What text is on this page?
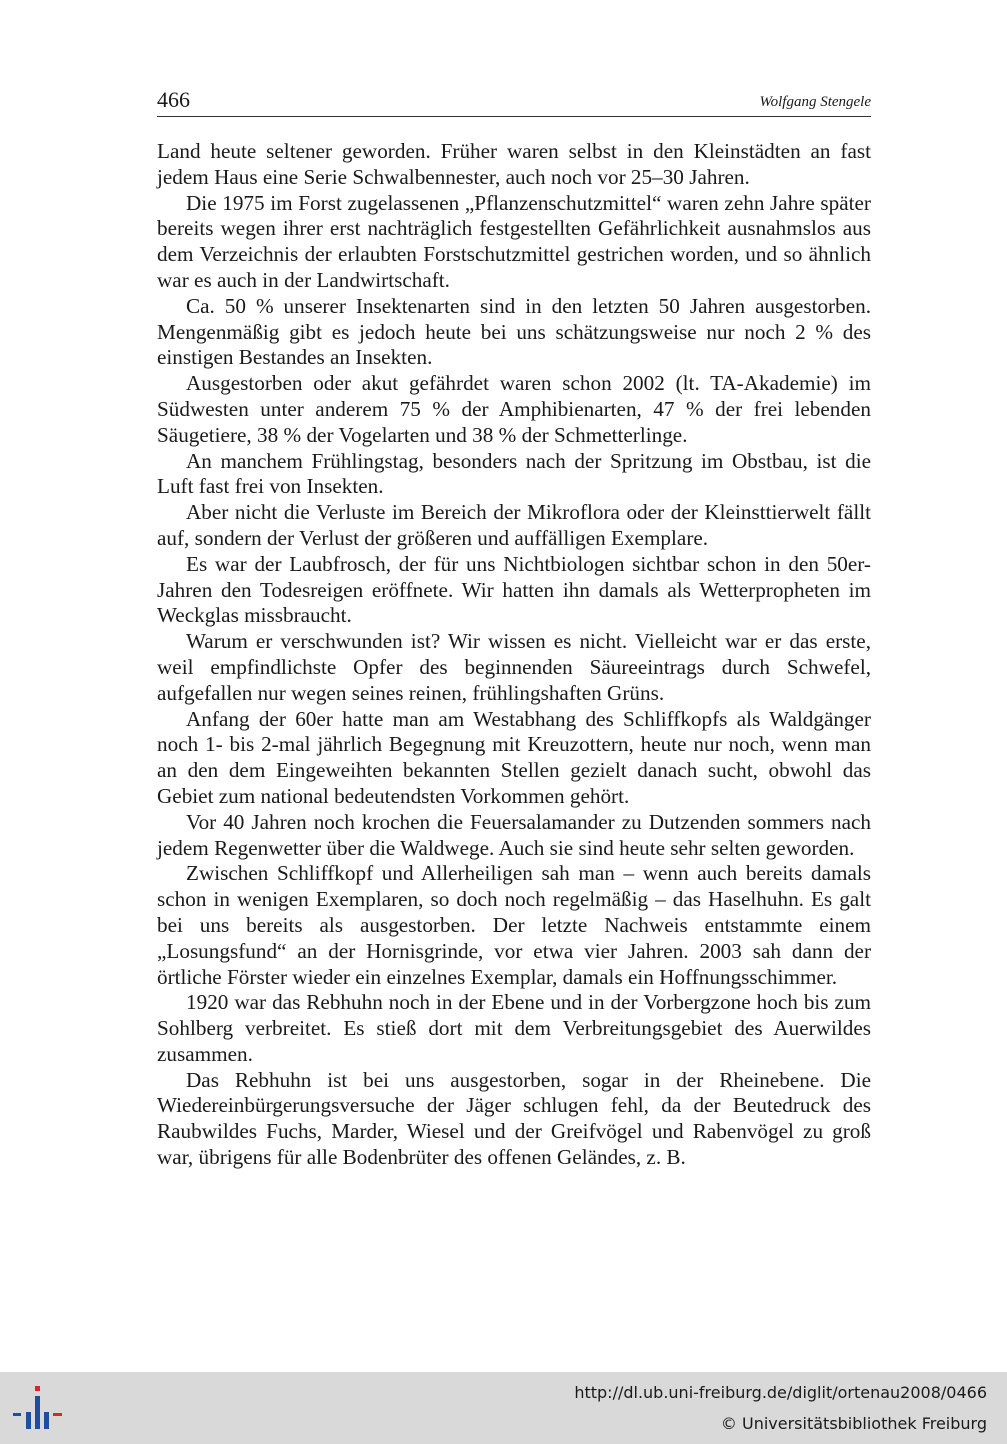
466	Wolfgang Stengele

Land heute seltener geworden. Früher waren selbst in den Kleinstädten an fast jedem Haus eine Serie Schwalbennester, auch noch vor 25–30 Jahren.

Die 1975 im Forst zugelassenen „Pflanzenschutzmittel“ waren zehn Jahre später bereits wegen ihrer erst nachträglich festgestellten Gefährlichkeit ausnahmslos aus dem Verzeichnis der erlaubten Forstschutzmittel gestrichen worden, und so ähnlich war es auch in der Landwirtschaft.

Ca. 50 % unserer Insektenarten sind in den letzten 50 Jahren ausgestorben. Mengenmäßig gibt es jedoch heute bei uns schätzungsweise nur noch 2 % des einstigen Bestandes an Insekten.

Ausgestorben oder akut gefährdet waren schon 2002 (lt. TA-Akademie) im Südwesten unter anderem 75 % der Amphibienarten, 47 % der frei lebenden Säugetiere, 38 % der Vogelarten und 38 % der Schmetterlinge.

An manchem Frühlingstag, besonders nach der Spritzung im Obstbau, ist die Luft fast frei von Insekten.

Aber nicht die Verluste im Bereich der Mikroflora oder der Kleinsttierwelt fällt auf, sondern der Verlust der größeren und auffälligen Exemplare.

Es war der Laubfrosch, der für uns Nichtbiologen sichtbar schon in den 50er-Jahren den Todesreigen eröffnete. Wir hatten ihn damals als Wetterpropheten im Weckglas missbraucht.

Warum er verschwunden ist? Wir wissen es nicht. Vielleicht war er das erste, weil empfindlichste Opfer des beginnenden Säureeintrags durch Schwefel, aufgefallen nur wegen seines reinen, frühlingshaften Grüns.

Anfang der 60er hatte man am Westabhang des Schliffkopfs als Waldgänger noch 1- bis 2-mal jährlich Begegnung mit Kreuzottern, heute nur noch, wenn man an den dem Eingeweihten bekannten Stellen gezielt danach sucht, obwohl das Gebiet zum national bedeutendsten Vorkommen gehört.

Vor 40 Jahren noch krochen die Feuersalamander zu Dutzenden sommers nach jedem Regenwetter über die Waldwege. Auch sie sind heute sehr selten geworden.

Zwischen Schliffkopf und Allerheiligen sah man – wenn auch bereits damals schon in wenigen Exemplaren, so doch noch regelmäßig – das Haselhuhn. Es galt bei uns bereits als ausgestorben. Der letzte Nachweis entstammte einem „Losungsfund“ an der Hornisgrinde, vor etwa vier Jahren. 2003 sah dann der örtliche Förster wieder ein einzelnes Exemplar, damals ein Hoffnungsschimmer.

1920 war das Rebhuhn noch in der Ebene und in der Vorbergzone hoch bis zum Sohlberg verbreitet. Es stieß dort mit dem Verbreitungsgebiet des Auerwildes zusammen.

Das Rebhuhn ist bei uns ausgestorben, sogar in der Rheinebene. Die Wiedereinbürgerungsversuche der Jäger schlugen fehl, da der Beutedruck des Raubwildes Fuchs, Marder, Wiesel und der Greifvögel und Rabenvögel zu groß war, übrigens für alle Bodenbrüter des offenen Geländes, z. B.

http://dl.ub.uni-freiburg.de/diglit/ortenau2008/0466
© Universitätsbibliothek Freiburg
